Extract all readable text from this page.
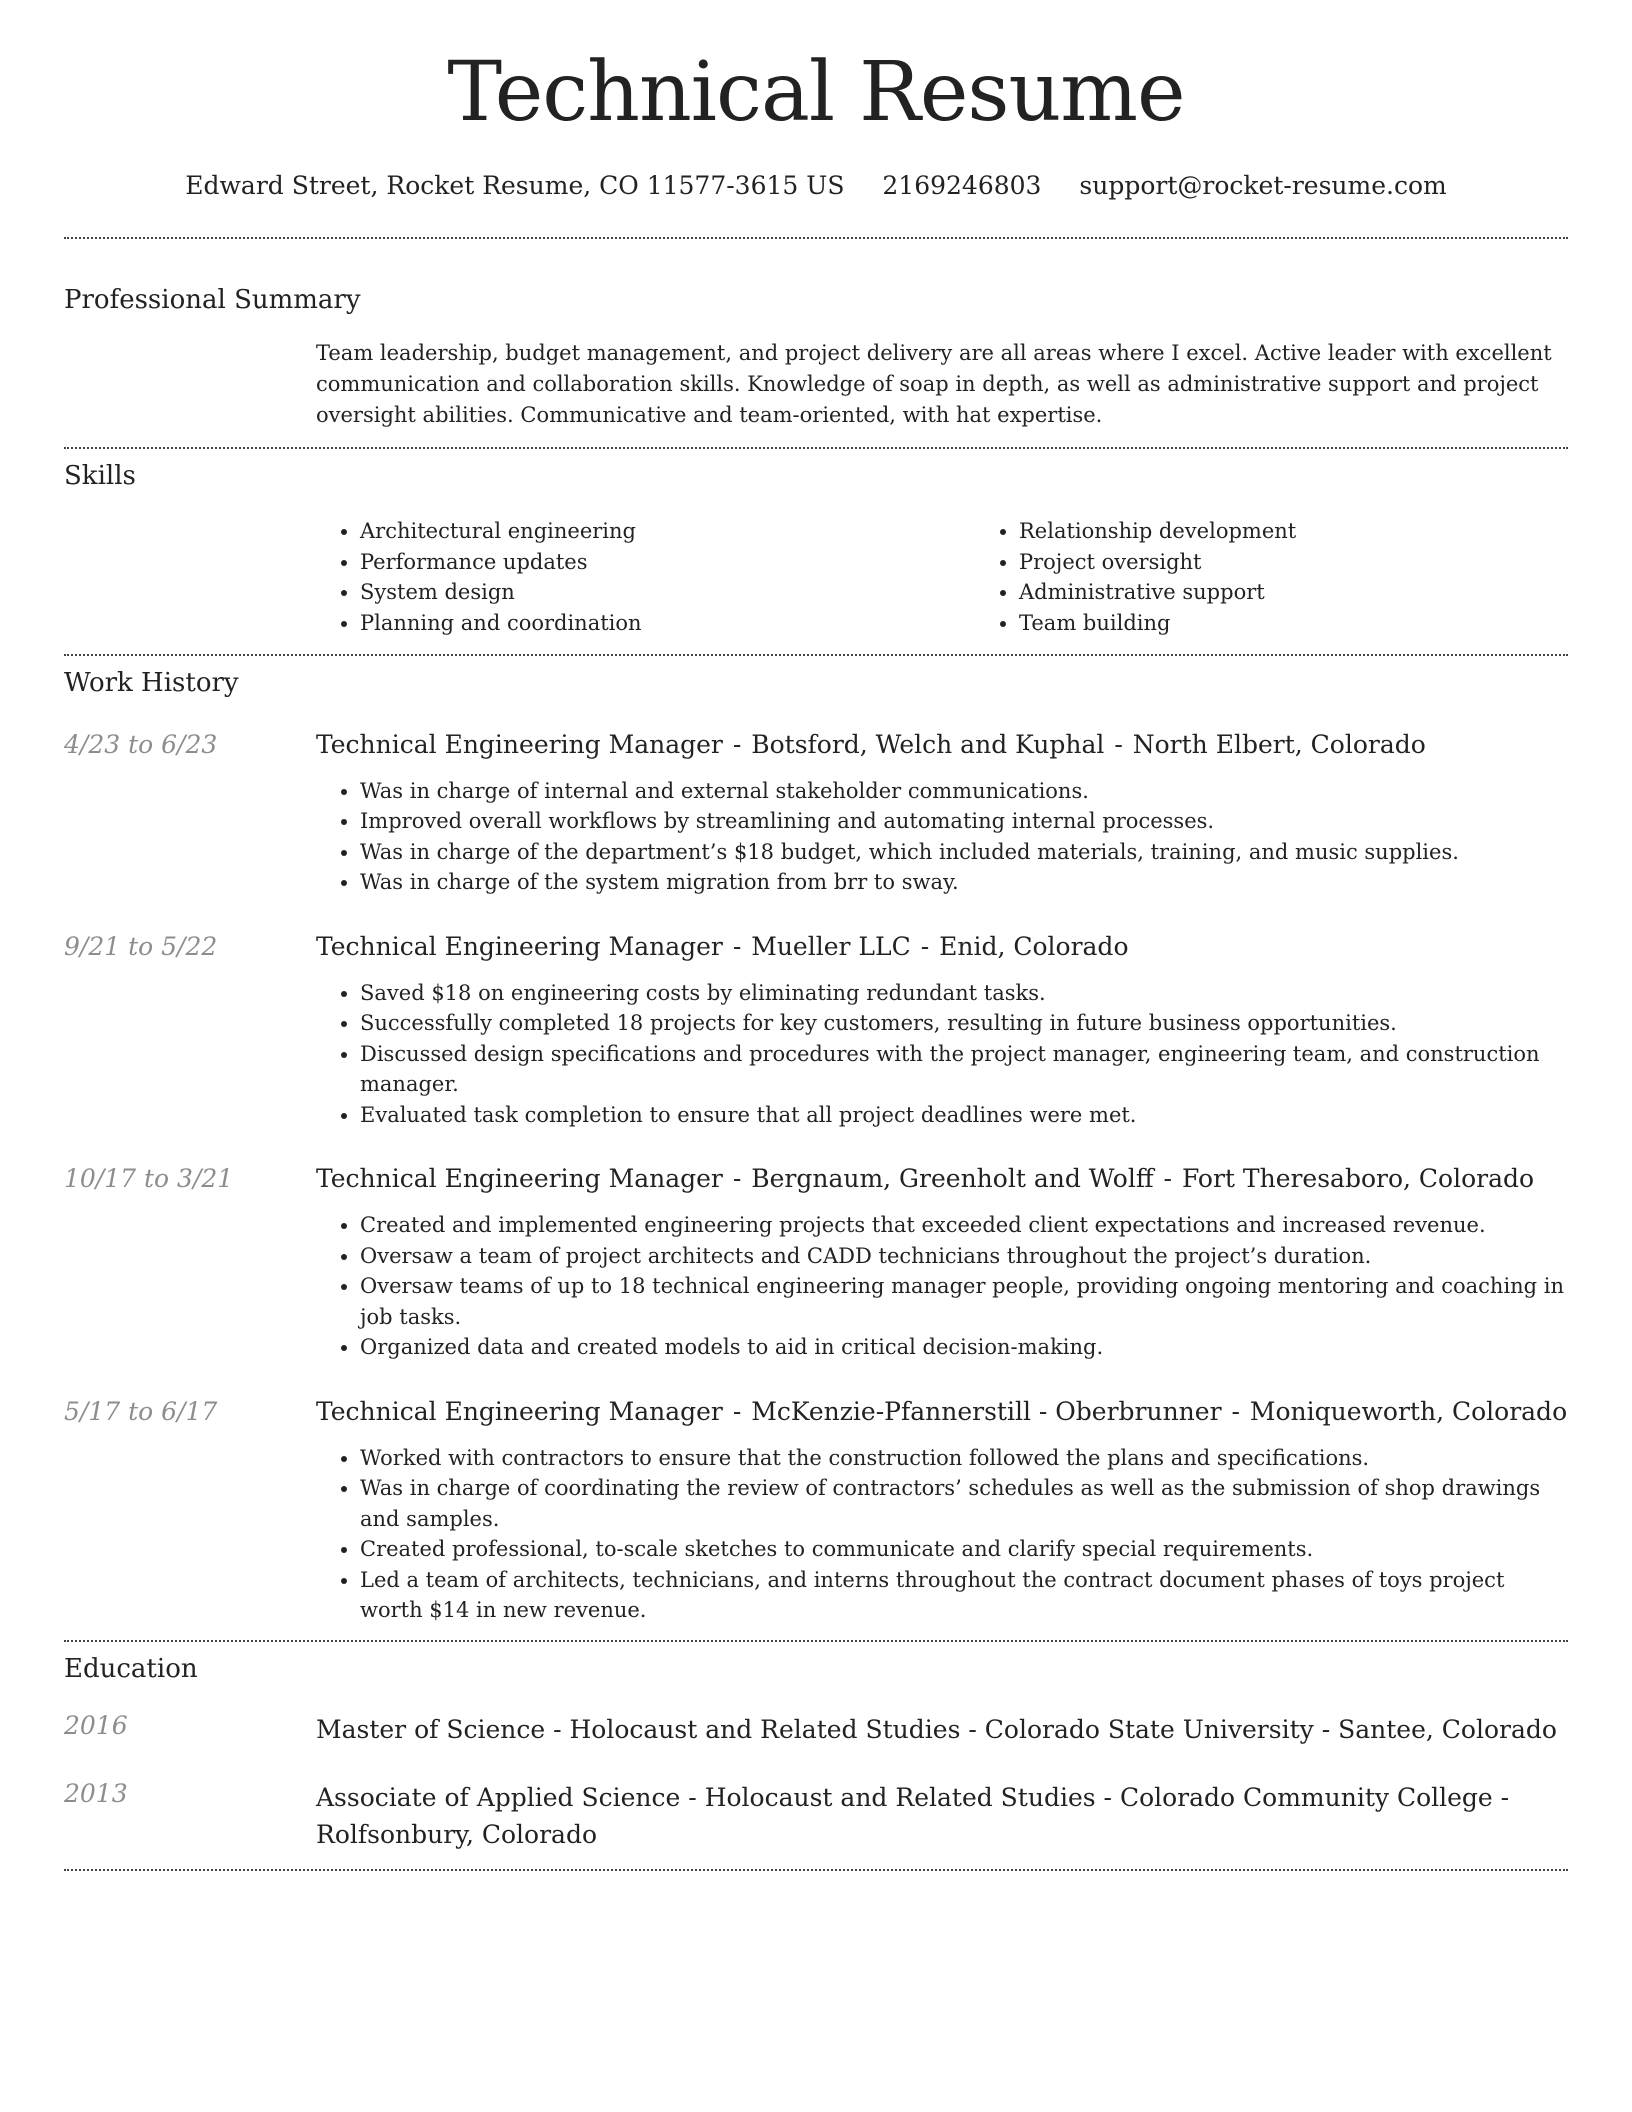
Technical Resume
Edward Street, Rocket Resume, CO 11577-3615 US 2169246803 support@rocket-resume.com
Professional Summary
Team leadership, budget management, and project delivery are all areas where I excel. Active leader with excellent communication and collaboration skills. Knowledge of soap in depth, as well as administrative support and project oversight abilities. Communicative and team-oriented, with hat expertise.
Skills
• Architectural engineering
• Performance updates
• System design
• Planning and coordination
• Relationship development
• Project oversight
• Administrative support
• Team building
Work History
4/23 to 6/23	Technical Engineering Manager - Botsford, Welch and Kuphal - North Elbert, Colorado
• Was in charge of internal and external stakeholder communications.
• Improved overall workflows by streamlining and automating internal processes.
• Was in charge of the department’s $18 budget, which included materials, training, and music supplies.
• Was in charge of the system migration from brr to sway.
9/21 to 5/22	Technical Engineering Manager - Mueller LLC - Enid, Colorado
• Saved $18 on engineering costs by eliminating redundant tasks.
• Successfully completed 18 projects for key customers, resulting in future business opportunities.
• Discussed design specifications and procedures with the project manager, engineering team, and construction manager.
• Evaluated task completion to ensure that all project deadlines were met.
10/17 to 3/21	Technical Engineering Manager - Bergnaum, Greenholt and Wolff - Fort Theresaboro, Colorado
• Created and implemented engineering projects that exceeded client expectations and increased revenue.
• Oversaw a team of project architects and CADD technicians throughout the project’s duration.
• Oversaw teams of up to 18 technical engineering manager people, providing ongoing mentoring and coaching in job tasks.
• Organized data and created models to aid in critical decision-making.
5/17 to 6/17	Technical Engineering Manager - McKenzie-Pfannerstill - Oberbrunner - Moniqueworth, Colorado
• Worked with contractors to ensure that the construction followed the plans and specifications.
• Was in charge of coordinating the review of contractors’ schedules as well as the submission of shop drawings and samples.
• Created professional, to-scale sketches to communicate and clarify special requirements.
• Led a team of architects, technicians, and interns throughout the contract document phases of toys project worth $14 in new revenue.
Education
2016	Master of Science - Holocaust and Related Studies - Colorado State University - Santee, Colorado
2013	Associate of Applied Science - Holocaust and Related Studies - Colorado Community College - Rolfsonbury, Colorado
